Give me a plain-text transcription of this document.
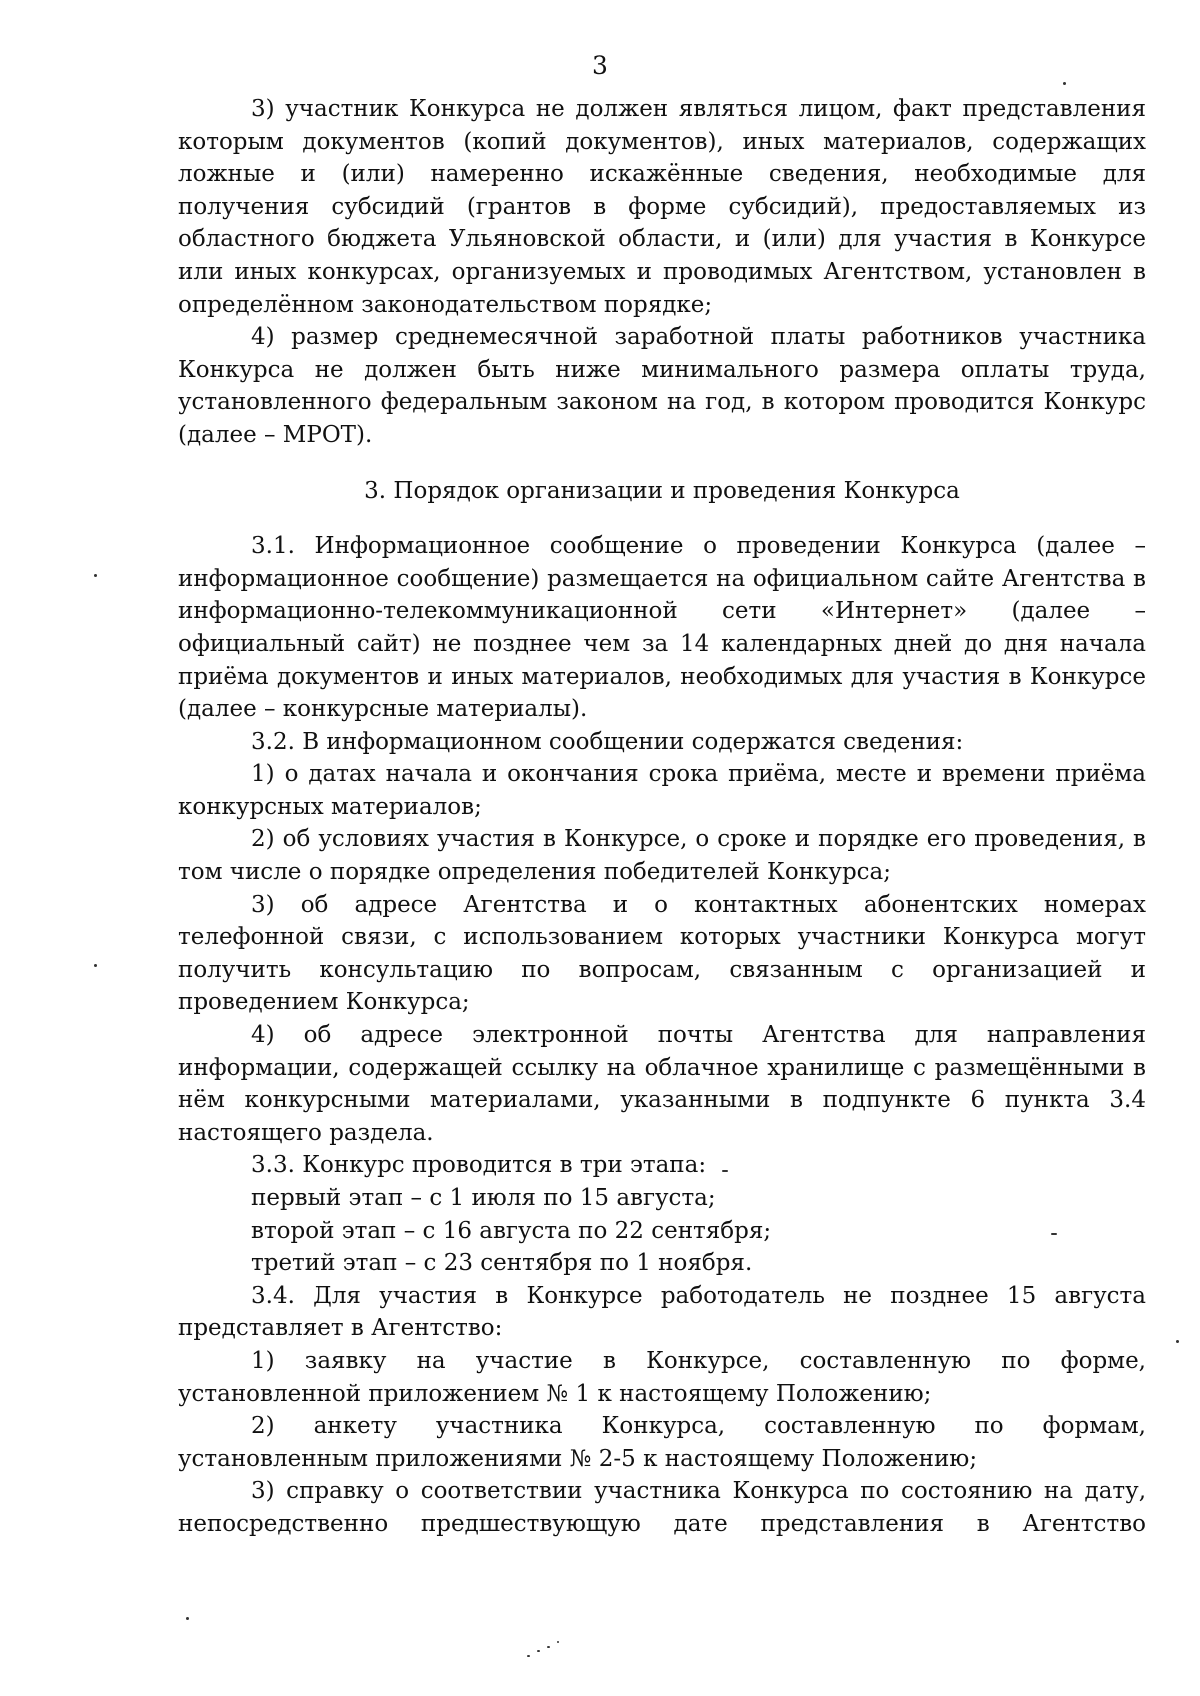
3

3) участник Конкурса не должен являться лицом, факт представления которым документов (копий документов), иных материалов, содержащих ложные и (или) намеренно искажённые сведения, необходимые для получения субсидий (грантов в форме субсидий), предоставляемых из областного бюджета Ульяновской области, и (или) для участия в Конкурсе или иных конкурсах, организуемых и проводимых Агентством, установлен в определённом законодательством порядке;

4) размер среднемесячной заработной платы работников участника Конкурса не должен быть ниже минимального размера оплаты труда, установленного федеральным законом на год, в котором проводится Конкурс (далее – МРОТ).

3. Порядок организации и проведения Конкурса

3.1. Информационное сообщение о проведении Конкурса (далее – информационное сообщение) размещается на официальном сайте Агентства в информационно-телекоммуникационной сети «Интернет» (далее – официальный сайт) не позднее чем за 14 календарных дней до дня начала приёма документов и иных материалов, необходимых для участия в Конкурсе (далее – конкурсные материалы).

3.2. В информационном сообщении содержатся сведения:

1) о датах начала и окончания срока приёма, месте и времени приёма конкурсных материалов;

2) об условиях участия в Конкурсе, о сроке и порядке его проведения, в том числе о порядке определения победителей Конкурса;

3) об адресе Агентства и о контактных абонентских номерах телефонной связи, с использованием которых участники Конкурса могут получить консультацию по вопросам, связанным с организацией и проведением Конкурса;

4) об адресе электронной почты Агентства для направления информации, содержащей ссылку на облачное хранилище с размещёнными в нём конкурсными материалами, указанными в подпункте 6 пункта 3.4 настоящего раздела.

3.3. Конкурс проводится в три этапа:

первый этап – с 1 июля по 15 августа;

второй этап – с 16 августа по 22 сентября;

третий этап – с 23 сентября по 1 ноября.

3.4. Для участия в Конкурсе работодатель не позднее 15 августа представляет в Агентство:

1) заявку на участие в Конкурсе, составленную по форме, установленной приложением № 1 к настоящему Положению;

2) анкету участника Конкурса, составленную по формам, установленным приложениями № 2-5 к настоящему Положению;

3) справку о соответствии участника Конкурса по состоянию на дату, непосредственно предшествующую дате представления в Агентство
